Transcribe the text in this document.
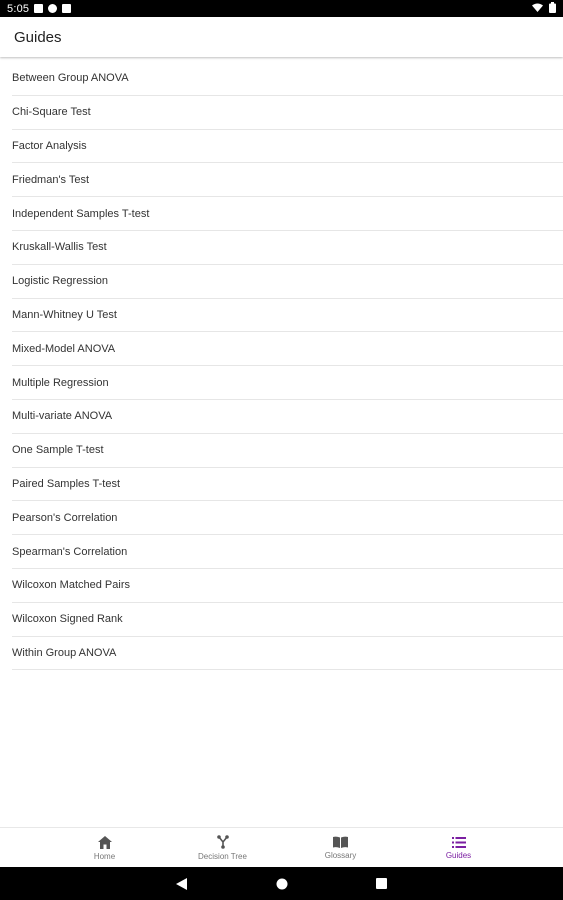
5:05
Guides
Between Group ANOVA
Chi-Square Test
Factor Analysis
Friedman's Test
Independent Samples T-test
Kruskall-Wallis Test
Logistic Regression
Mann-Whitney U Test
Mixed-Model ANOVA
Multiple Regression
Multi-variate ANOVA
One Sample T-test
Paired Samples T-test
Pearson's Correlation
Spearman's Correlation
Wilcoxon Matched Pairs
Wilcoxon Signed Rank
Within Group ANOVA
Home	Decision Tree	Glossary	Guides
